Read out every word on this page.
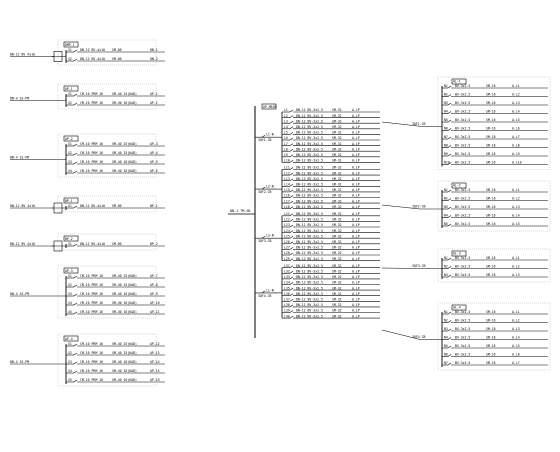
DMP-1
DN-12 BV 4x10
X1	DN-12 BV-4x10 SM-06	DN-1
X2	DN-12 BV-4x10 SM-06	DN-2
AP-1
DN-4 SS-PM
X1	CM-10 PRM 16	SM-40 25(KAD)	AP-1
X2	CM-10 PRM 16	SM-40 16(KAD)	AP-2
AP-2
DN-4 SS-PM
X1	CM-10 PRM 16	SM-40 25(KAD)	AP-3
X2	CM-10 PRM 16	SM-40 25(KAD)	AP-4
X3	CM-10 PRM 16	SM-40 16(KAD)	AP-5
X4	CM-10 PRM 16	SM-40 16(KAD)	AP-6
BP-1
DN-12 BV 4x10	X1	DN-12 BV-4x10 SM-06	BP-1
BP-2
DN-12 BV 4x10	X1	DN-12 BV-4x10 SM-06	BP-2
AP-3
DN-4 SS-PM
X1	CM-10 PRM 16	SM-40 25(KAD)	AP-7
X2	CM-10 PRM 16	SM-40 25(KAD)	AP-8
X3	CM-10 PRM 16	SM-40 16(KAD)	AP-9
X4	CM-10 PRM 16	SM-40 16(KAD)	AP-10
X5	CM-10 PRM 16	SM-40 16(KAD)	AP-11
AP-4
DN-4 SS-PM
X1	CM-10 PRM 16	SM-40 25(KAD)	AP-12
X2	CM-10 PRM 16	SM-40 25(KAD)	AP-13
X3	CM-10 PRM 16	SM-40 16(KAD)	AP-14
X4	CM-10 PRM 16	SM-40 16(KAD)	AP-15
X5	CM-10 PRM 16	SM-40 16(KAD)	AP-16
DN-1 TM-SB
AP-MAIN
3QF1-CB
L1-N
L1	DN-12 BV-3x2.5	SM-32	A.LP
L2	DN-12 BV-3x2.5	SM-32	A.LP
L3	DN-12 BV-3x2.5	SM-32	A.LP
L4	DN-12 BV-3x2.5	SM-32	A.LP
L5	DN-12 BV-3x2.5	SM-32	A.LP
L6	DN-12 BV-3x2.5	SM-32	A.LP
L7	DN-12 BV-3x2.5	SM-32	A.LP
L8	DN-12 BV-3x2.5	SM-32	A.LP
L9	DN-12 BV-3x2.5	SM-32	A.LP
L10 DN-12 BV-3x2.5	SM-32	A.LP
3QF2-CB
L2-N
L11 DN-12 BV-3x2.5	SM-32	A.LP
L12 DN-12 BV-3x2.5	SM-32	A.LP
L13 DN-12 BV-3x2.5	SM-32	A.LP
L14 DN-12 BV-3x2.5	SM-32	A.LP
L15 DN-12 BV-3x2.5	SM-32	A.LP
L16 DN-12 BV-3x2.5	SM-32	A.LP
L17 DN-12 BV-3x2.5	SM-32	A.LP
L18 DN-12 BV-3x2.5	SM-32	A.LP
3QF3-CB
L3-N
L21 DN-12 BV-3x2.5	SM-32	A.LP
L22 DN-12 BV-3x2.5	SM-32	A.LP
L23 DN-12 BV-3x2.5	SM-32	A.LP
L24 DN-12 BV-3x2.5	SM-32	A.LP
L25 DN-12 BV-3x2.5	SM-32	A.LP
L26 DN-12 BV-3x2.5	SM-32	A.LP
L27 DN-12 BV-3x2.5	SM-32	A.LP
L28 DN-12 BV-3x2.5	SM-32	A.LP
L29 DN-12 BV-3x2.5	SM-32	A.LP
3QF4-CB
L1-N
L31 DN-12 BV-3x2.5	SM-32	A.LP
L32 DN-12 BV-3x2.5	SM-32	A.LP
L33 DN-12 BV-3x2.5	SM-32	A.LP
L34 DN-12 BV-3x2.5	SM-32	A.LP
L35 DN-12 BV-3x2.5	SM-32	A.LP
L36 DN-12 BV-3x2.5	SM-32	A.LP
L37 DN-12 BV-3x2.5	SM-32	A.LP
L38 DN-12 BV-3x2.5	SM-32	A.LP
L39 DN-12 BV-3x2.5	SM-32	A.LP
L40 DN-12 BV-3x2.5	SM-32	A.LP
AL-1
3QF1-CB
N1 BV-3x2.5	SM-16	A.L1
N2 BV-3x2.5	SM-16	A.L2
N3 BV-3x2.5	SM-16	A.L3
N4 BV-3x2.5	SM-16	A.L4
N5 BV-3x2.5	SM-16	A.L5
N6 BV-3x2.5	SM-16	A.L6
N7 BV-3x2.5	SM-16	A.L7
N8 BV-3x2.5	SM-16	A.L8
N9 BV-3x2.5	SM-16	A.L9
N10 BV-3x2.5	SM-16	A.L10
AL-2
3QF2-CB
N1 BV-3x2.5	SM-16	A.L1
N2 BV-3x2.5	SM-16	A.L2
N3 BV-3x2.5	SM-16	A.L3
N4 BV-3x2.5	SM-16	A.L4
N5 BV-3x2.5	SM-16	A.L5
AL-3
3QF3-CB
N1 BV-3x2.5	SM-16	A.L1
N2 BV-3x2.5	SM-16	A.L2
N3 BV-3x2.5	SM-16	A.L3
AL-4
3QF4-CB
N1 BV-3x2.5	SM-16	A.L1
N2 BV-3x2.5	SM-16	A.L2
N3 BV-3x2.5	SM-16	A.L3
N4 BV-3x2.5	SM-16	A.L4
N5 BV-3x2.5	SM-16	A.L5
N6 BV-3x2.5	SM-16	A.L6
N7 BV-3x2.5	SM-16	A.L7
